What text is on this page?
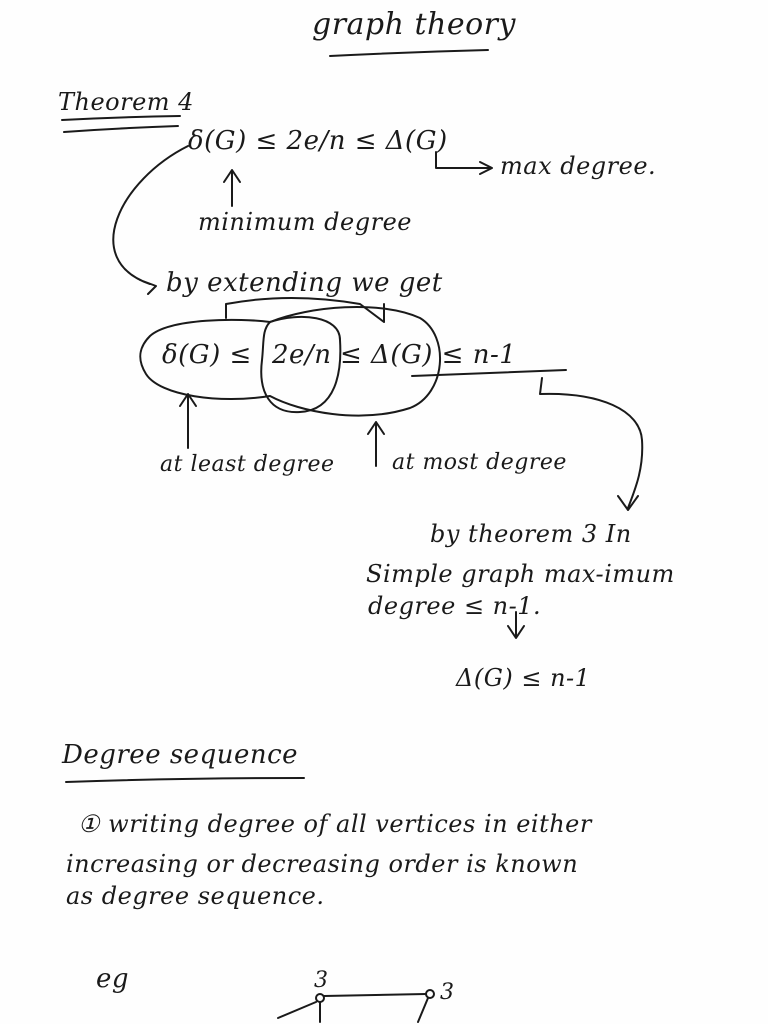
graph theory
Theorem 4
δ(G) ≤ 2e/n ≤ Δ(G)
max degree.
minimum degree
by extending we get
δ(G) ≤ 2e/n ≤ Δ(G) ≤ n-1
at least degree	at most degree
by theorem 3 In
Simple graph max-imum
degree ≤ n-1.
Δ(G) ≤ n-1
Degree sequence
① writing degree of all vertices in either
increasing or decreasing order is known
as degree sequence.
eg	3	3
